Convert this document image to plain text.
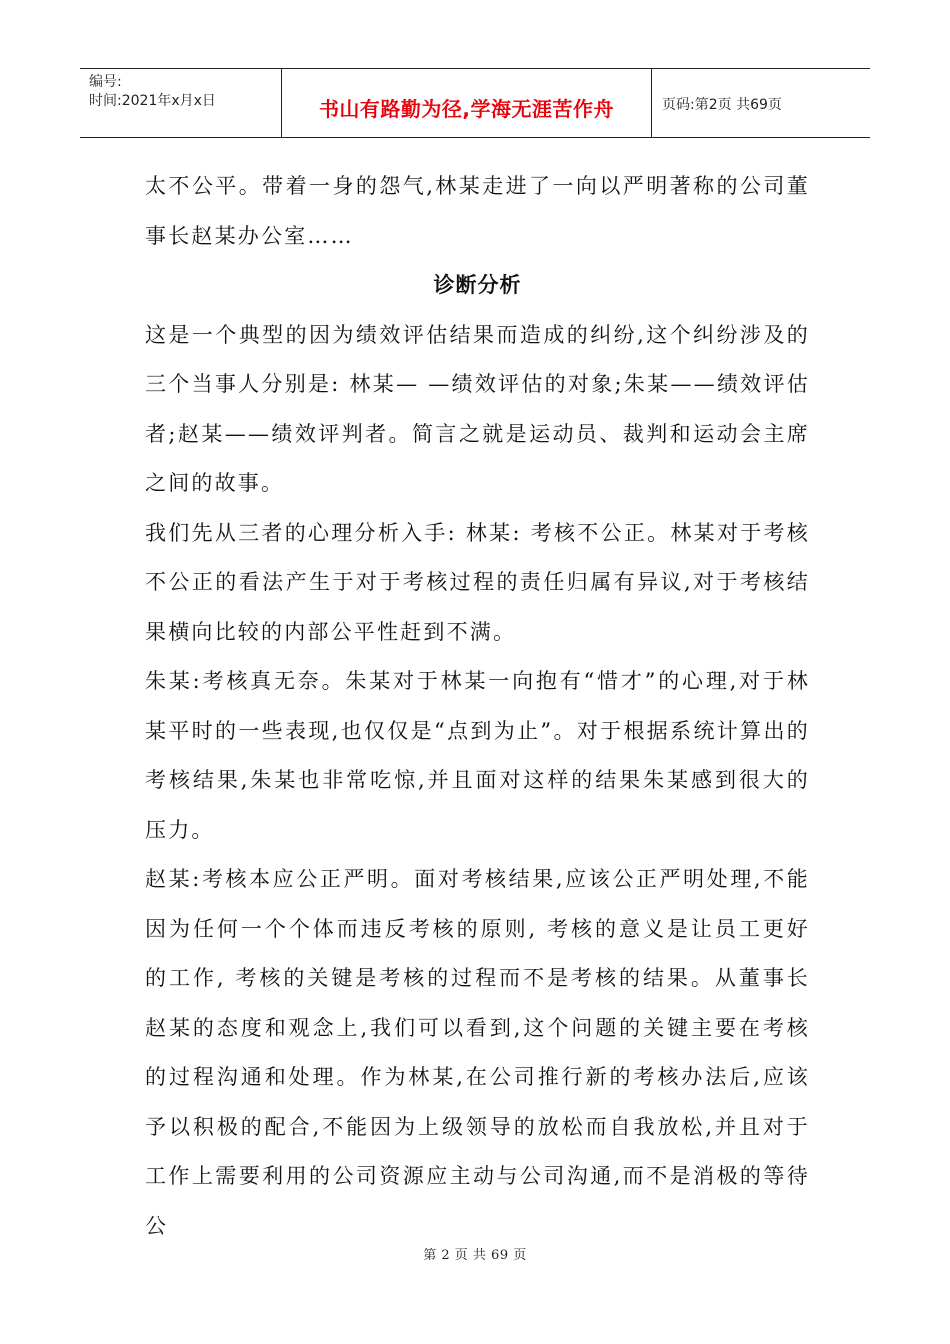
编号:
时间:2021年x月x日	书山有路勤为径,学海无涯苦作舟	页码:第2页 共69页

太不公平。带着一身的怨气,林某走进了一向以严明著称的公司董事长赵某办公室……

诊断分析

这是一个典型的因为绩效评估结果而造成的纠纷,这个纠纷涉及的三个当事人分别是: 林某— —绩效评估的对象;朱某——绩效评估者;赵某——绩效评判者。简言之就是运动员、裁判和运动会主席之间的故事。

我们先从三者的心理分析入手: 林某: 考核不公正。林某对于考核不公正的看法产生于对于考核过程的责任归属有异议,对于考核结果横向比较的内部公平性赶到不满。

朱某:考核真无奈。朱某对于林某一向抱有“惜才”的心理,对于林某平时的一些表现,也仅仅是“点到为止”。对于根据系统计算出的考核结果,朱某也非常吃惊,并且面对这样的结果朱某感到很大的压力。

赵某:考核本应公正严明。面对考核结果,应该公正严明处理,不能因为任何一个个体而违反考核的原则, 考核的意义是让员工更好的工作, 考核的关键是考核的过程而不是考核的结果。从董事长赵某的态度和观念上,我们可以看到,这个问题的关键主要在考核的过程沟通和处理。作为林某,在公司推行新的考核办法后,应该予以积极的配合,不能因为上级领导的放松而自我放松,并且对于工作上需要利用的公司资源应主动与公司沟通,而不是消极的等待公

第 2 页 共 69 页
